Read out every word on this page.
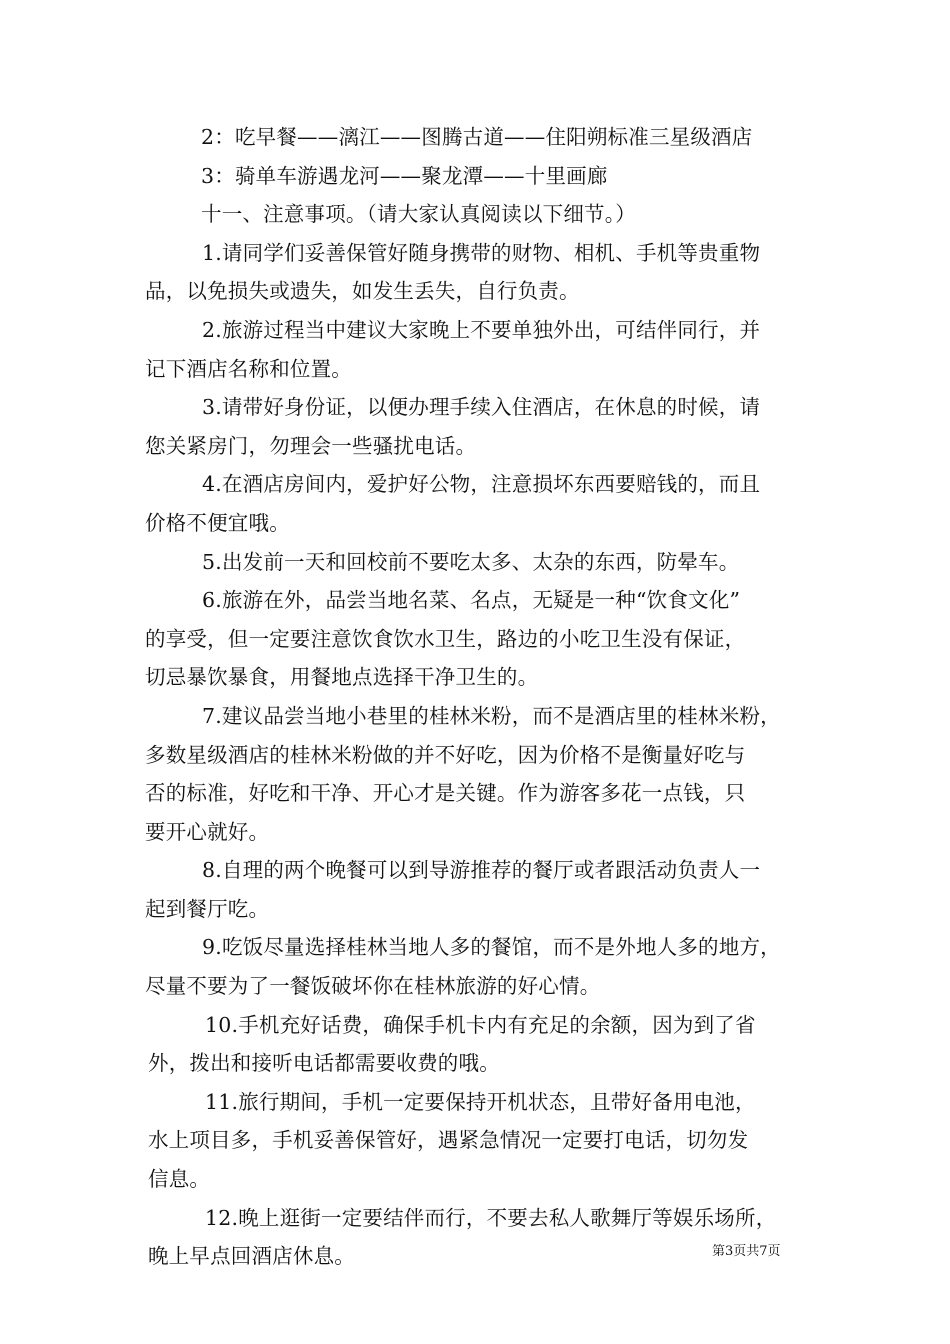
2：吃早餐——漓江——图腾古道——住阳朔标准三星级酒店
3：骑单车游遇龙河——聚龙潭——十里画廊
十一、注意事项。（请大家认真阅读以下细节。）
1.请同学们妥善保管好随身携带的财物、相机、手机等贵重物
品，以免损失或遗失，如发生丢失，自行负责。
2.旅游过程当中建议大家晚上不要单独外出，可结伴同行，并
记下酒店名称和位置。
3.请带好身份证，以便办理手续入住酒店，在休息的时候，请
您关紧房门，勿理会一些骚扰电话。
4.在酒店房间内，爱护好公物，注意损坏东西要赔钱的，而且
价格不便宜哦。
5.出发前一天和回校前不要吃太多、太杂的东西，防晕车。
6.旅游在外，品尝当地名菜、名点，无疑是一种“饮食文化”
的享受，但一定要注意饮食饮水卫生，路边的小吃卫生没有保证，
切忌暴饮暴食，用餐地点选择干净卫生的。
7.建议品尝当地小巷里的桂林米粉，而不是酒店里的桂林米粉，
多数星级酒店的桂林米粉做的并不好吃，因为价格不是衡量好吃与
否的标准，好吃和干净、开心才是关键。作为游客多花一点钱，只
要开心就好。
8.自理的两个晚餐可以到导游推荐的餐厅或者跟活动负责人一
起到餐厅吃。
9.吃饭尽量选择桂林当地人多的餐馆，而不是外地人多的地方，
尽量不要为了一餐饭破坏你在桂林旅游的好心情。
10.手机充好话费，确保手机卡内有充足的余额，因为到了省
外，拨出和接听电话都需要收费的哦。
11.旅行期间，手机一定要保持开机状态，且带好备用电池，
水上项目多，手机妥善保管好，遇紧急情况一定要打电话，切勿发
信息。
12.晚上逛街一定要结伴而行，不要去私人歌舞厅等娱乐场所，
晚上早点回酒店休息。	第3页共7页
